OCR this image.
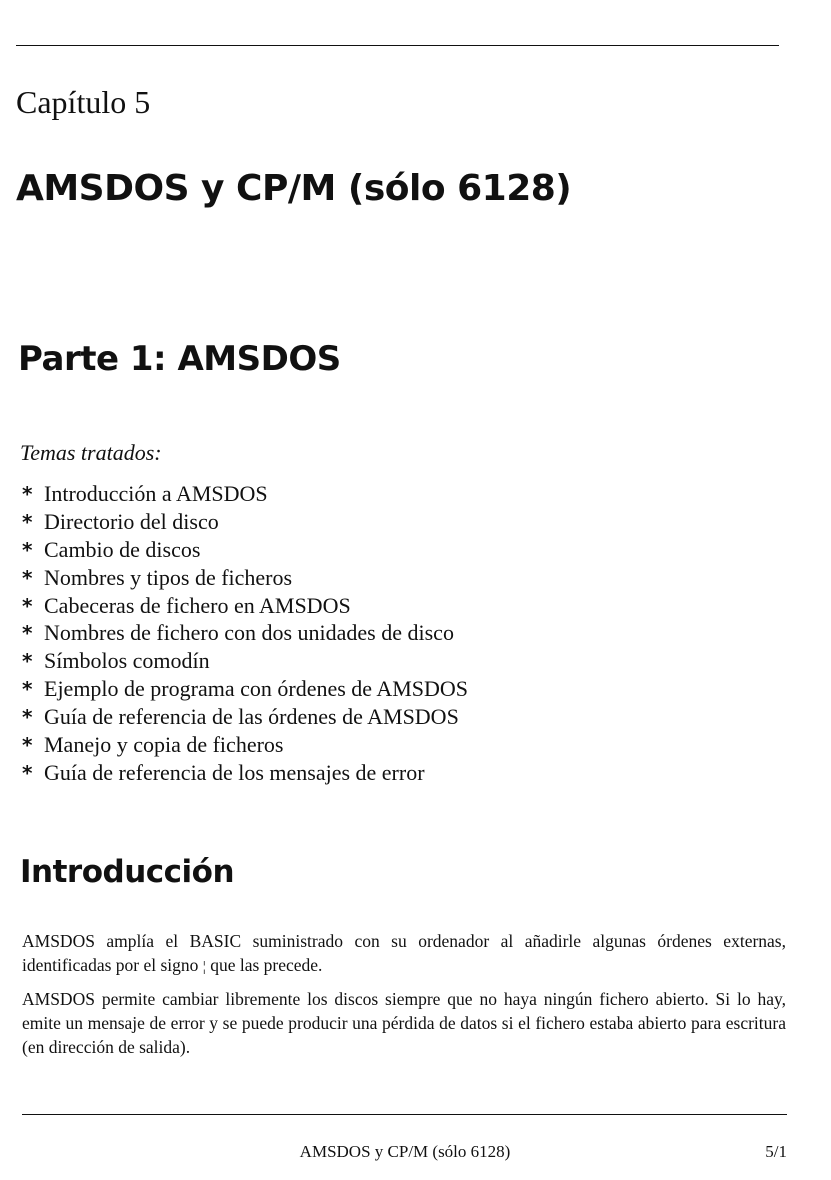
Capítulo 5
AMSDOS y CP/M (sólo 6128)
Parte 1: AMSDOS
Temas tratados:
* Introducción a AMSDOS
* Directorio del disco
* Cambio de discos
* Nombres y tipos de ficheros
* Cabeceras de fichero en AMSDOS
* Nombres de fichero con dos unidades de disco
* Símbolos comodín
* Ejemplo de programa con órdenes de AMSDOS
* Guía de referencia de las órdenes de AMSDOS
* Manejo y copia de ficheros
* Guía de referencia de los mensajes de error
Introducción

AMSDOS amplía el BASIC suministrado con su ordenador al añadirle algunas órdenes externas, identificadas por el signo ¦ que las precede.

AMSDOS permite cambiar libremente los discos siempre que no haya ningún fichero abierto. Si lo hay, emite un mensaje de error y se puede producir una pérdida de datos si el fichero estaba abierto para escritura (en dirección de salida).

AMSDOS y CP/M (sólo 6128)	5/1
